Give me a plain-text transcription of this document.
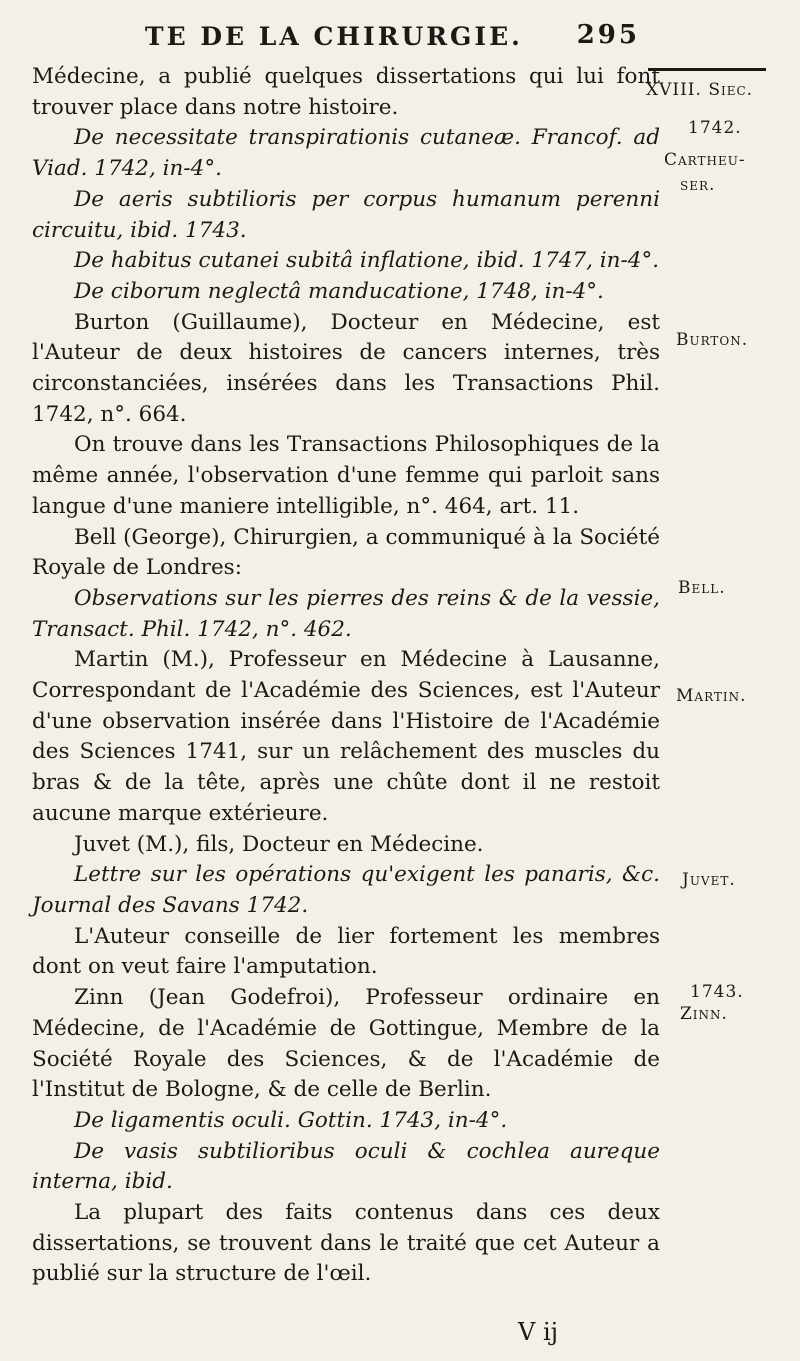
TE DE LA CHIRURGIE. 295
XVIII. Siec.
1742.
Cartheu-
ser.
Burton.
Bell.
Martin.
Juvet.
1743.
Zinn.

Médecine, a publié quelques dissertations qui lui font trouver place dans notre histoire.

De necessitate transpirationis cutaneæ. Francof. ad Viad. 1742, in-4°.

De aeris subtilioris per corpus humanum perenni circuitu, ibid. 1743.

De habitus cutanei subitâ inflatione, ibid. 1747, in-4°.

De ciborum neglectâ manducatione, 1748, in-4°.

Burton (Guillaume), Docteur en Médecine, est l'Auteur de deux histoires de cancers internes, très circonstanciées, insérées dans les Transactions Phil. 1742, n°. 664.

On trouve dans les Transactions Philosophiques de la même année, l'observation d'une femme qui parloit sans langue d'une maniere intelligible, n°. 464, art. 11.

Bell (George), Chirurgien, a communiqué à la Société Royale de Londres:

Observations sur les pierres des reins & de la vessie, Transact. Phil. 1742, n°. 462.

Martin (M.), Professeur en Médecine à Lausanne, Correspondant de l'Académie des Sciences, est l'Auteur d'une observation insérée dans l'Histoire de l'Académie des Sciences 1741, sur un relâchement des muscles du bras & de la tête, après une chûte dont il ne restoit aucune marque extérieure.

Juvet (M.), fils, Docteur en Médecine.

Lettre sur les opérations qu'exigent les panaris, &c. Journal des Savans 1742.

L'Auteur conseille de lier fortement les membres dont on veut faire l'amputation.

Zinn (Jean Godefroi), Professeur ordinaire en Médecine, de l'Académie de Gottingue, Membre de la Société Royale des Sciences, & de l'Académie de l'Institut de Bologne, & de celle de Berlin.

De ligamentis oculi. Gottin. 1743, in-4°.

De vasis subtilioribus oculi & cochlea aureque interna, ibid.

La plupart des faits contenus dans ces deux dissertations, se trouvent dans le traité que cet Auteur a publié sur la structure de l'œil.

V ij
